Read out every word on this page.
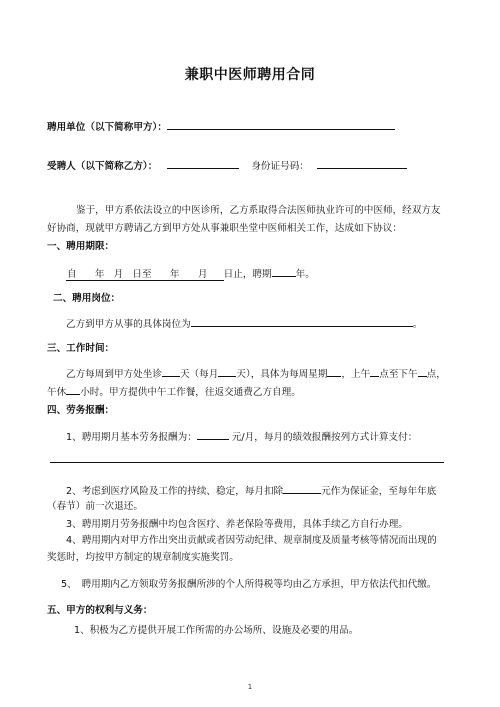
兼职中医师聘用合同
聘用单位（以下简称甲方）：
受聘人（以下简称乙方）：	身份证号码：
鉴于，甲方系依法设立的中医诊所，乙方系取得合法医师执业许可的中医师，经双方友
好协商，现就甲方聘请乙方到甲方处从事兼职坐堂中医师相关工作，达成如下协议：
一、聘用期限：
自 年 月 日至 年 月 日止，聘期	年。
二、聘用岗位：
乙方到甲方从事的具体岗位为	。
三、工作时间：
乙方每周到甲方处坐诊 天（每月 天），具体为每周星期 ，上午 点至下午 点，
午休 小时。甲方提供中午工作餐，往返交通费乙方自理。
四、劳务报酬：
1、聘用期月基本劳务报酬为：	元/月，每月的绩效报酬按列方式计算支付：
2、考虑到医疗风险及工作的持续、稳定，每月扣除	元作为保证金，至每年年底
（春节）前一次退还。
3、聘用期月劳务报酬中均包含医疗、养老保险等费用，具体手续乙方自行办理。
4、聘用期内对甲方作出突出贡献或者因劳动纪律、规章制度及质量考核等情况而出现的
奖惩时，均按甲方制定的规章制度实施奖罚。
5、　聘用期内乙方领取劳务报酬所涉的个人所得税等均由乙方承担，甲方依法代扣代缴。
五、甲方的权利与义务：
1、积极为乙方提供开展工作所需的办公场所、设施及必要的用品。
1
